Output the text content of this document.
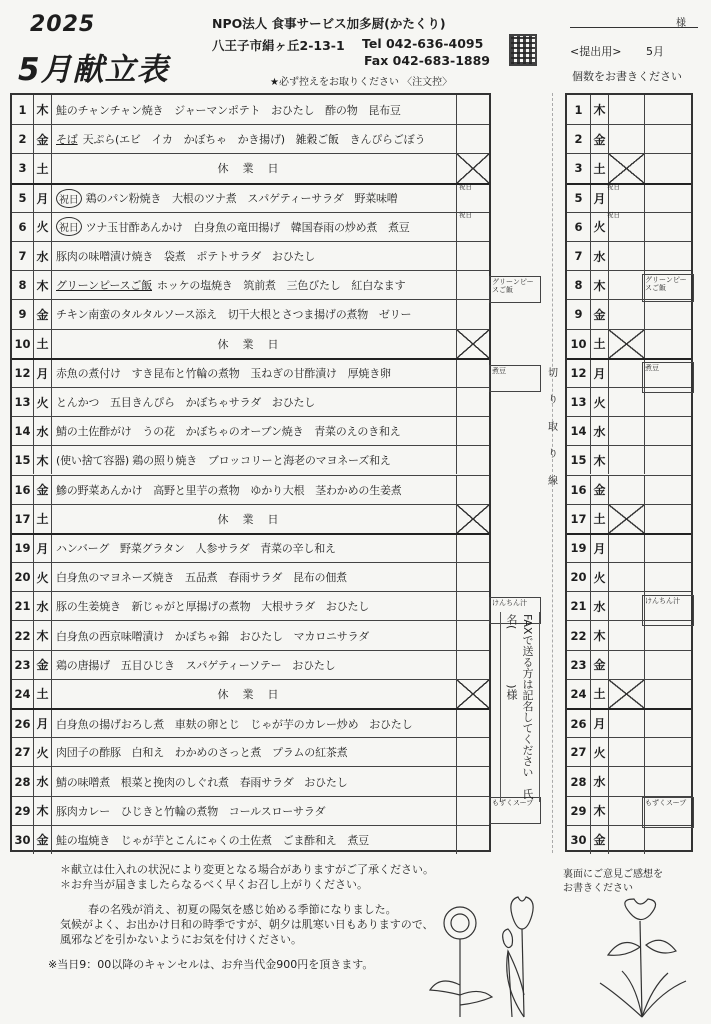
2025
5月献立表
NPO法人 食事サービス加多厨(かたくり)
八王子市絹ヶ丘2-13-1 Tel 042-636-4095
Fax 042-683-1889
★必ず控えをお取りください 〈注文控〉
様
<提出用> 5月
個数をお書きください
1 木 鮭のチャンチャン焼き　ジャーマンポテト　おひたし　酢の物　昆布豆
2 金 そば 天ぷら(エビ　イカ　かぼちゃ　かき揚げ)　雑穀ご飯　きんぴらごぼう
3 土	休業日
5 月	祝日 鶏のパン粉焼き　大根のツナ煮　スパゲティーサラダ　野菜味噌
祝日
6 火	祝日 ツナ玉甘酢あんかけ　白身魚の竜田揚げ　韓国春雨の炒め煮　煮豆
祝日
7 水 豚肉の味噌漬け焼き　袋煮　ポテトサラダ　おひたし
8 木 グリーンピースご飯 ホッケの塩焼き　筑前煮　三色びたし　紅白なます
9 金 チキン南蛮のタルタルソース添え　切干大根とさつま揚げの煮物　ゼリー
10 土	休業日
12 月 赤魚の煮付け　すき昆布と竹輪の煮物　玉ねぎの甘酢漬け　厚焼き卵
13 火 とんかつ　五目きんぴら　かぼちゃサラダ　おひたし
14 水 鯖の土佐酢がけ　うの花　かぼちゃのオーブン焼き　青菜のえのき和え
15 木 (使い捨て容器) 鶏の照り焼き　ブロッコリーと海老のマヨネーズ和え
16 金 鰺の野菜あんかけ　高野と里芋の煮物　ゆかり大根　茎わかめの生姜煮
17 土	休業日
19 月 ハンバーグ　野菜グラタン　人参サラダ　青菜の辛し和え
20 火 白身魚のマヨネーズ焼き　五品煮　春雨サラダ　昆布の佃煮
21 水 豚の生姜焼き　新じゃがと厚揚げの煮物　大根サラダ　おひたし
22 木 白身魚の西京味噌漬け　かぼちゃ錦　おひたし　マカロニサラダ
23 金 鶏の唐揚げ　五目ひじき　スパゲティーソテー　おひたし
24 土	休業日
26 月 白身魚の揚げおろし煮　車麸の卵とじ　じゃが芋のカレー炒め　おひたし
27 火 肉団子の酢豚　白和え　わかめのさっと煮　プラムの紅茶煮
28 水 鯖の味噌煮　根菜と挽肉のしぐれ煮　春雨サラダ　おひたし
29 木 豚肉カレー　ひじきと竹輪の煮物　コールスローサラダ
30 金 鮭の塩焼き　じゃが芋とこんにゃくの土佐煮　ごま酢和え　煮豆
1 木
2 金
3 土
5 月
祝日
6 火
祝日
7 水
8 木
9 金
10 土
12 月
13 火
14 水
15 木
16 金
17 土
19 月
20 火
21 水
22 木
23 金
24 土
26 月
27 火
28 水
29 木
30 金
グリーンピースご飯
煮豆
けんちん汁
もずくスープ
グリーンピースご飯
煮豆
けんちん汁
もずくスープ
切り取り線
FAXで送る方は記名してください　氏名(　　　　　)様
＊献立は仕入れの状況により変更となる場合がありますがご了承ください。
＊お弁当が届きましたらなるべく早くお召し上がりください。
春の名残が消え、初夏の陽気を感じ始める季節になりました。
気候がよく、お出かけ日和の時季ですが、朝夕は肌寒い日もありますので、
風邪などを引かないようにお気を付けください。
※当日9：00以降のキャンセルは、お弁当代金900円を頂きます。
裏面にご意見ご感想を
お書きください
